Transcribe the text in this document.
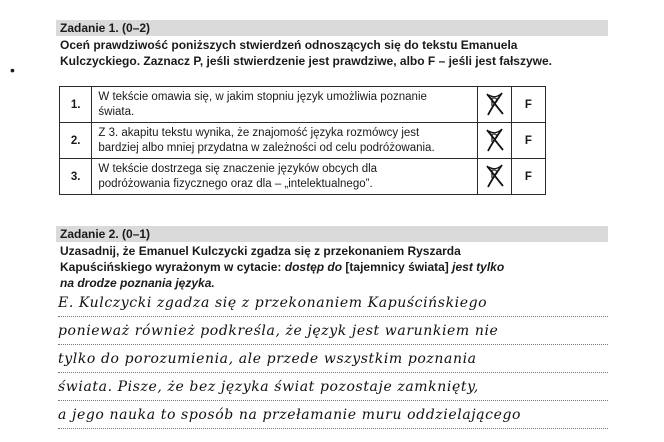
•
Zadanie 1. (0–2)
Oceń prawdziwość poniższych stwierdzeń odnoszących się do tekstu Emanuela
Kulczyckiego. Zaznacz P, jeśli stwierdzenie jest prawdziwe, albo F – jeśli jest fałszywe.
1.	W tekście omawia się, w jakim stopniu język umożliwia poznanie
świata.	P	F
2.	Z 3. akapitu tekstu wynika, że znajomość języka rozmówcy jest
bardziej albo mniej przydatna w zależności od celu podróżowania.	P	F
3.	W tekście dostrzega się znaczenie języków obcych dla
podróżowania fizycznego oraz dla – „intelektualnego”.	P	F
Zadanie 2. (0–1)
Uzasadnij, że Emanuel Kulczycki zgadza się z przekonaniem Ryszarda
Kapuścińskiego wyrażonym w cytacie: dostęp do [tajemnicy świata] jest tylko
na drodze poznania języka.
E. Kulczycki zgadza się z przekonaniem Kapuścińskiego
ponieważ również podkreśla, że język jest warunkiem nie
tylko do porozumienia, ale przede wszystkim poznania
świata. Pisze, że bez języka świat pozostaje zamknięty,
a jego nauka to sposób na przełamanie muru oddzielającego
